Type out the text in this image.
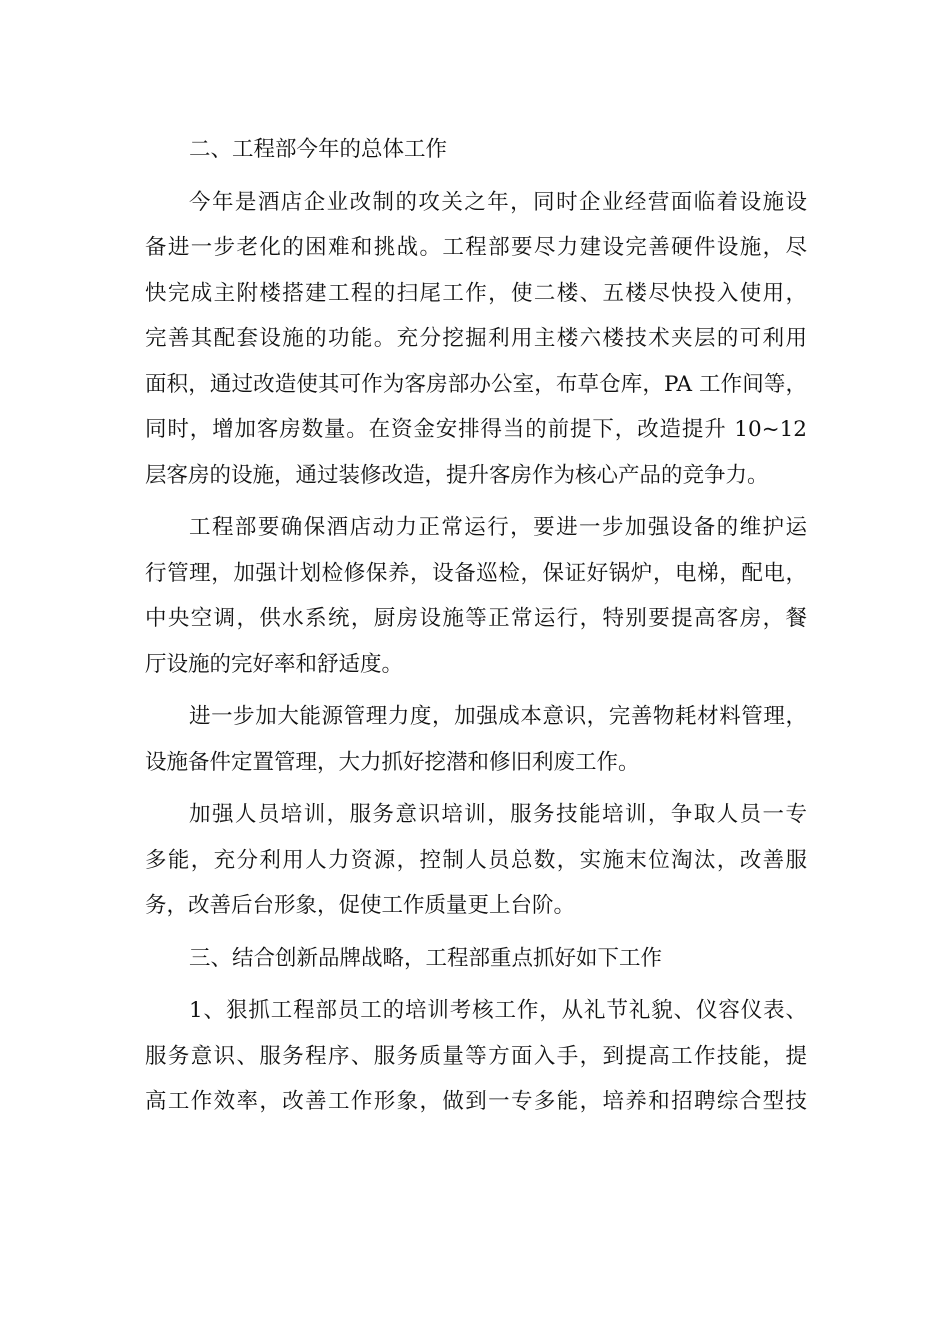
二、工程部今年的总体工作
今年是酒店企业改制的攻关之年，同时企业经营面临着设施设
备进一步老化的困难和挑战。工程部要尽力建设完善硬件设施，尽
快完成主附楼搭建工程的扫尾工作，使二楼、五楼尽快投入使用，
完善其配套设施的功能。充分挖掘利用主楼六楼技术夹层的可利用
面积，通过改造使其可作为客房部办公室，布草仓库，PA 工作间等，
同时，增加客房数量。在资金安排得当的前提下，改造提升 10~12
层客房的设施，通过装修改造，提升客房作为核心产品的竞争力。
工程部要确保酒店动力正常运行，要进一步加强设备的维护运
行管理，加强计划检修保养，设备巡检，保证好锅炉，电梯，配电，
中央空调，供水系统，厨房设施等正常运行，特别要提高客房，餐
厅设施的完好率和舒适度。
进一步加大能源管理力度，加强成本意识，完善物耗材料管理，
设施备件定置管理，大力抓好挖潜和修旧利废工作。
加强人员培训，服务意识培训，服务技能培训，争取人员一专
多能，充分利用人力资源，控制人员总数，实施末位淘汰，改善服
务，改善后台形象，促使工作质量更上台阶。
三、结合创新品牌战略，工程部重点抓好如下工作
1、狠抓工程部员工的培训考核工作，从礼节礼貌、仪容仪表、
服务意识、服务程序、服务质量等方面入手，到提高工作技能，提
高工作效率，改善工作形象，做到一专多能，培养和招聘综合型技
